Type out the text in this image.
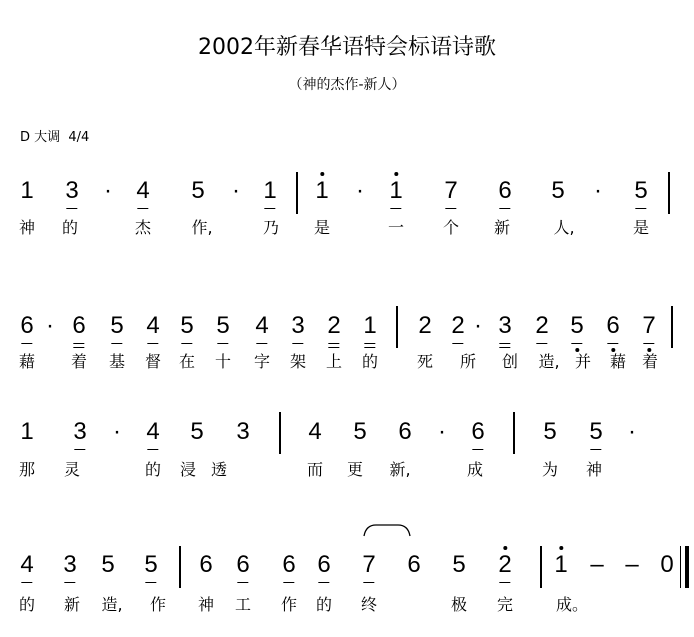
2002年新春华语特会标语诗歌
（神的杰作-新人）
D 大调  4/4
1 3 · 4 5 · 1 1 · 1 7 6 5 · 5
神 的	杰	作,	乃 是	一 个 新	人,	是
6 · 6 5 4 5 5 4 3 2 1 2 2 · 3 2 5 6 7
藉 着 基 督 在 十 字 架 上 的 死 所 创 造, 并 藉 着
1 3 · 4 5 3 4 5 6 · 6 5 5 ·
那 灵	的 浸 透	而 更 新,	成	为 神
4 3 5 5 6 6 6 6 7 6 5 2 1 – – 0
的 新 造, 作 神 工 作 的 终	极 完	成。
